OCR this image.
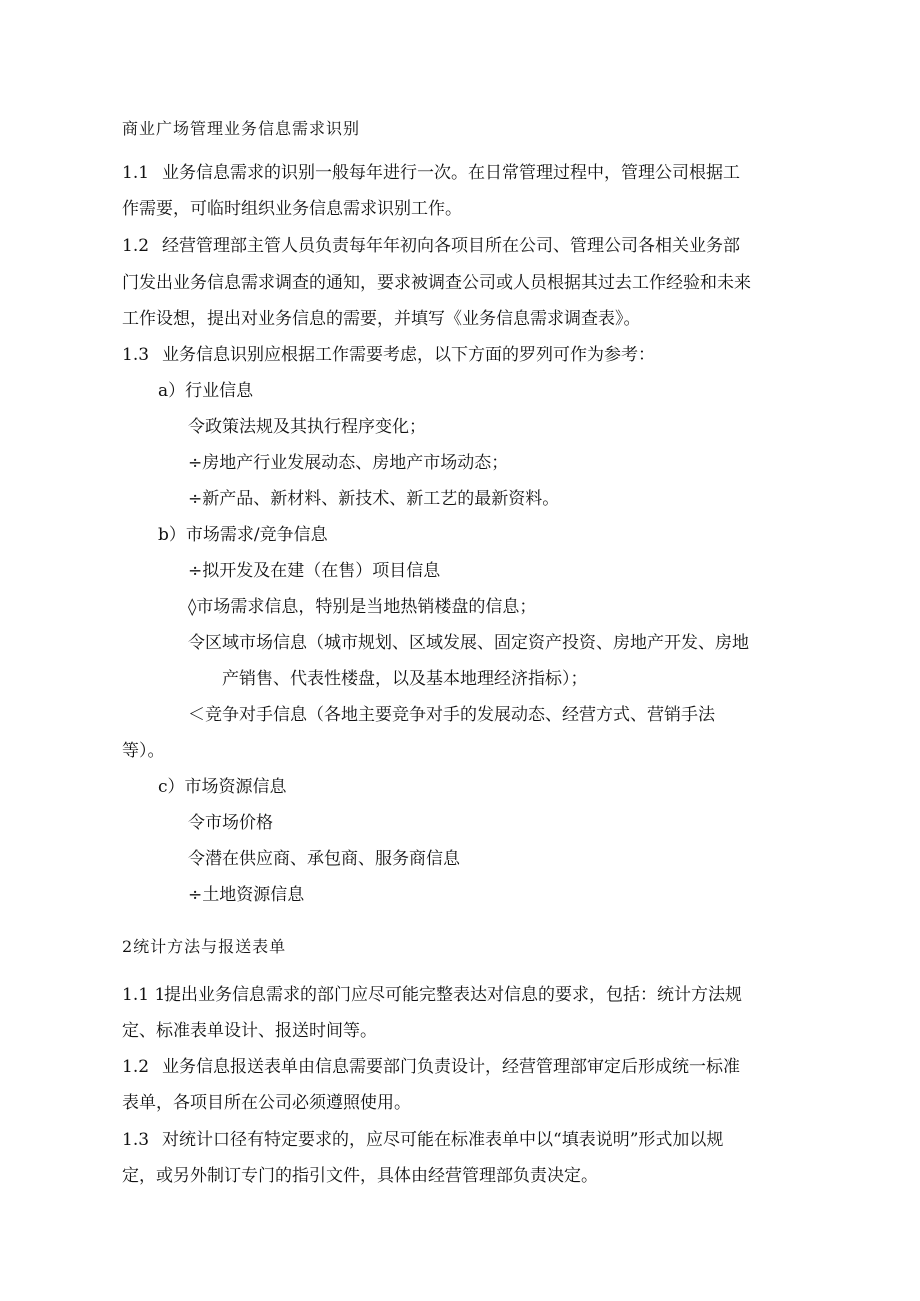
商业广场管理业务信息需求识别
1.1 业务信息需求的识别一般每年进行一次。在日常管理过程中，管理公司根据工
作需要，可临时组织业务信息需求识别工作。
1.2 经营管理部主管人员负责每年年初向各项目所在公司、管理公司各相关业务部
门发出业务信息需求调查的通知，要求被调查公司或人员根据其过去工作经验和未来
工作设想，提出对业务信息的需要，并填写《业务信息需求调查表》。
1.3 业务信息识别应根据工作需要考虑，以下方面的罗列可作为参考：
a）行业信息
令政策法规及其执行程序变化；
÷房地产行业发展动态、房地产市场动态；
÷新产品、新材料、新技术、新工艺的最新资料。
b）市场需求/竞争信息
÷拟开发及在建（在售）项目信息
◊市场需求信息，特别是当地热销楼盘的信息；
令区域市场信息（城市规划、区域发展、固定资产投资、房地产开发、房地
产销售、代表性楼盘，以及基本地理经济指标）；
＜竞争对手信息（各地主要竞争对手的发展动态、经营方式、营销手法
等）。
c）市场资源信息
令市场价格
令潜在供应商、承包商、服务商信息
÷土地资源信息
2统计方法与报送表单
1.1 1提出业务信息需求的部门应尽可能完整表达对信息的要求，包括：统计方法规
定、标准表单设计、报送时间等。
1.2 业务信息报送表单由信息需要部门负责设计，经营管理部审定后形成统一标准
表单，各项目所在公司必须遵照使用。
1.3 对统计口径有特定要求的，应尽可能在标准表单中以“填表说明”形式加以规
定，或另外制订专门的指引文件，具体由经营管理部负责决定。
